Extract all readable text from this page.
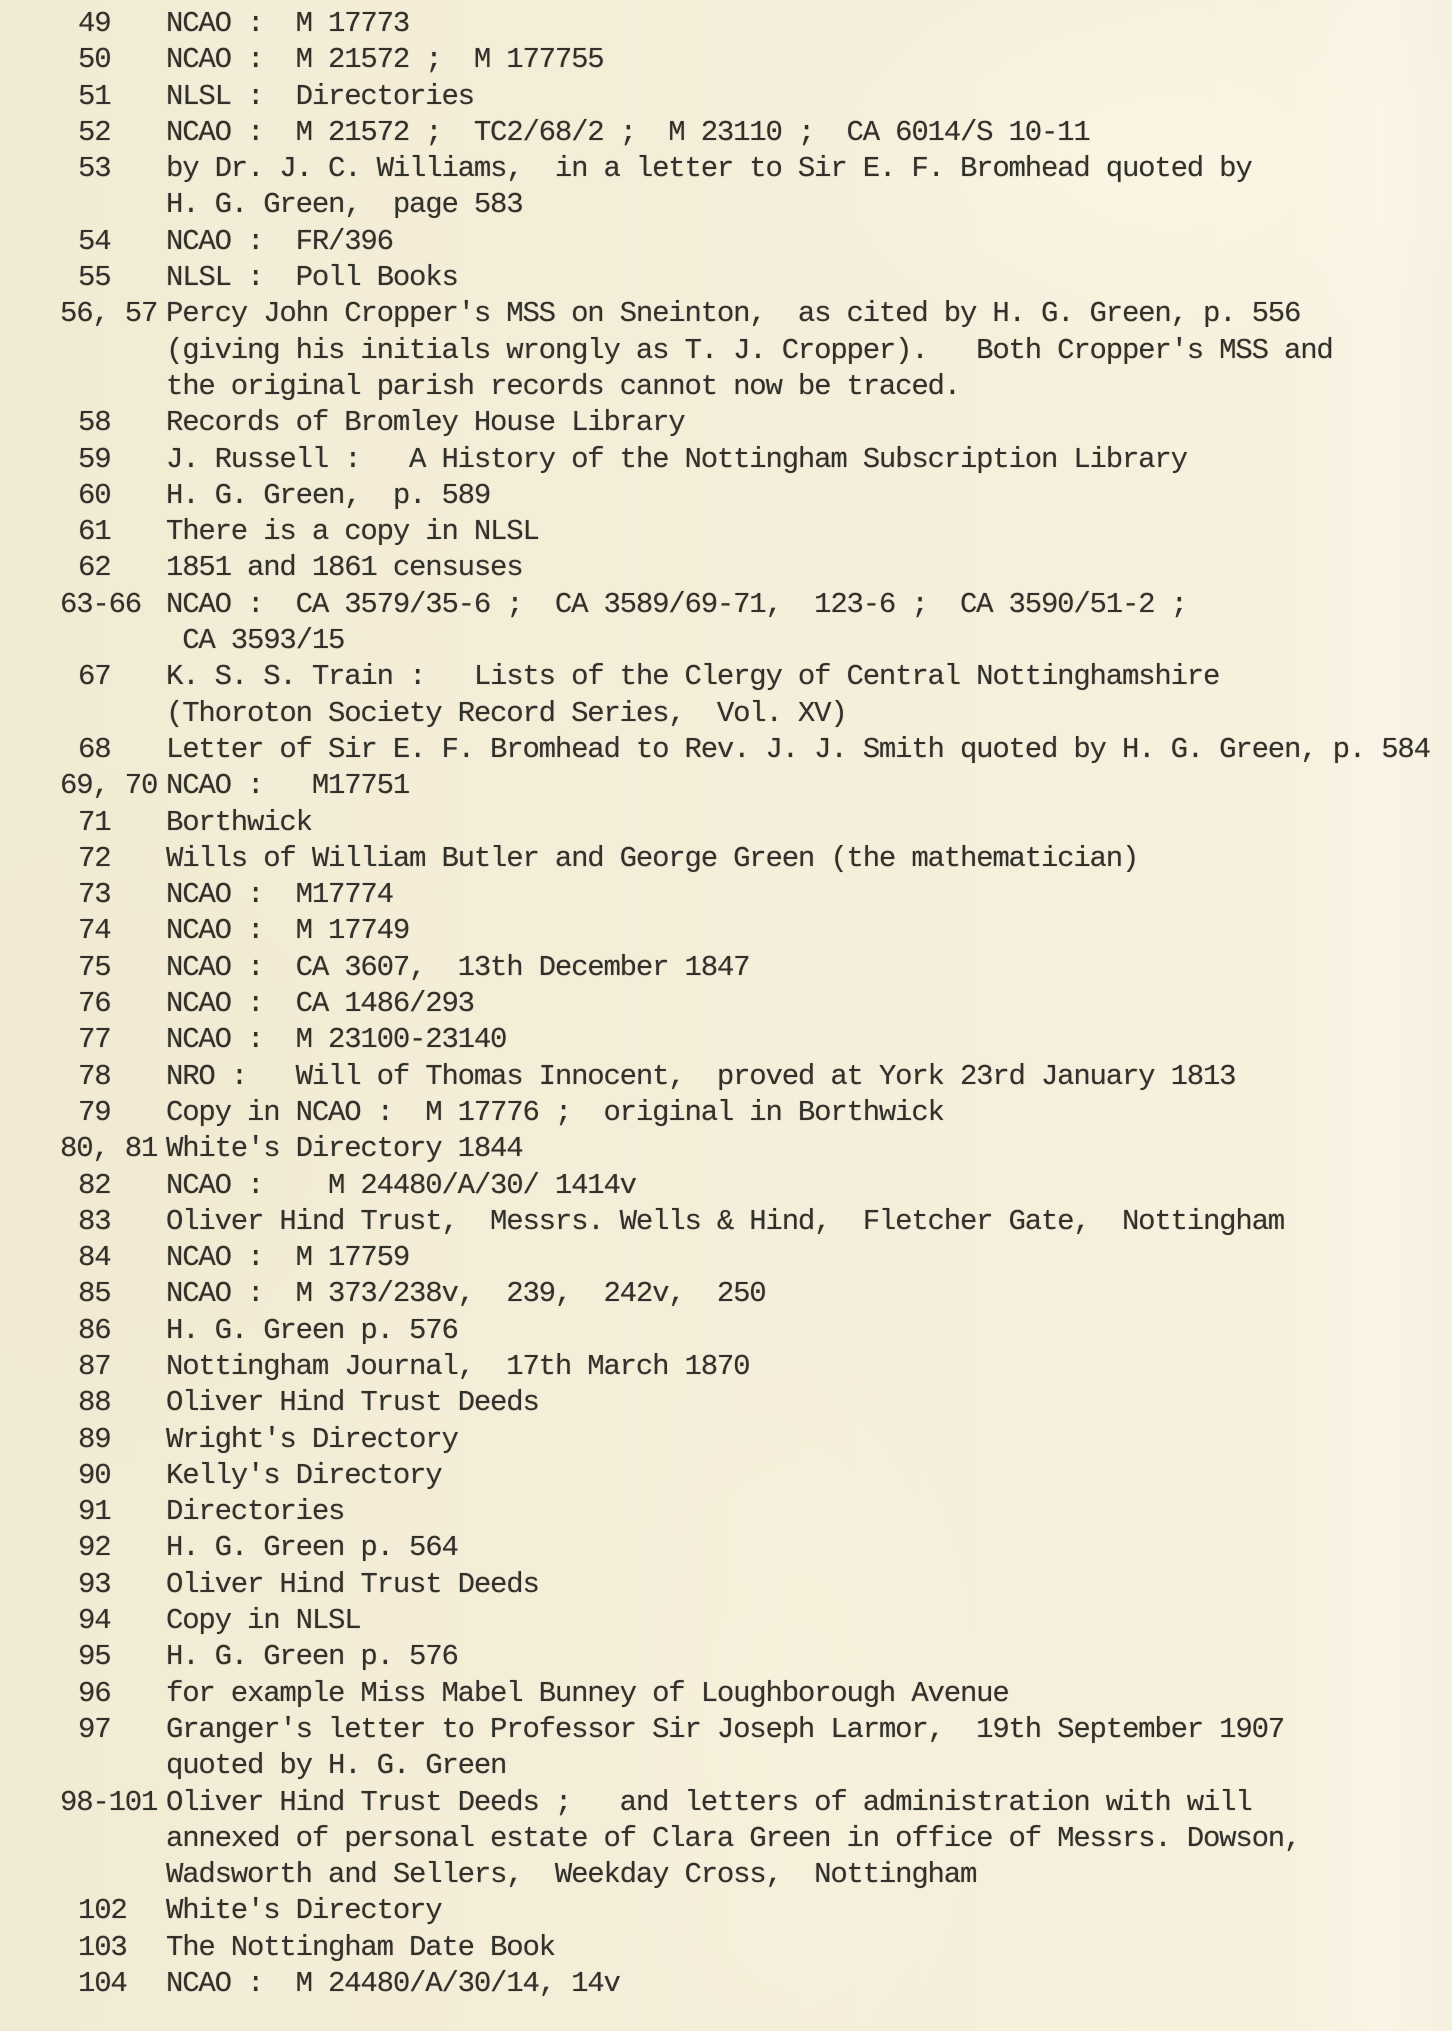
49	NCAO :  M 17773
50	NCAO :  M 21572 ;  M 177755
51	NLSL :  Directories
52	NCAO :  M 21572 ;  TC2/68/2 ;  M 23110 ;  CA 6014/S 10-11
53	by Dr. J. C. Williams,  in a letter to Sir E. F. Bromhead quoted by
H. G. Green,  page 583
54	NCAO :  FR/396
55	NLSL :  Poll Books
56, 57 Percy John Cropper's MSS on Sneinton,  as cited by H. G. Green, p. 556
(giving his initials wrongly as T. J. Cropper).   Both Cropper's MSS and
the original parish records cannot now be traced.
58	Records of Bromley House Library
59	J. Russell :   A History of the Nottingham Subscription Library
60	H. G. Green,  p. 589
61	There is a copy in NLSL
62	1851 and 1861 censuses
63-66 NCAO :  CA 3579/35-6 ;  CA 3589/69-71,  123-6 ;  CA 3590/51-2 ;
CA 3593/15
67	K. S. S. Train :   Lists of the Clergy of Central Nottinghamshire
(Thoroton Society Record Series,  Vol. XV)
68	Letter of Sir E. F. Bromhead to Rev. J. J. Smith quoted by H. G. Green, p. 584
69, 70 NCAO :   M17751
71	Borthwick
72	Wills of William Butler and George Green (the mathematician)
73	NCAO :  M17774
74	NCAO :  M 17749
75	NCAO :  CA 3607,  13th December 1847
76	NCAO :  CA 1486/293
77	NCAO :  M 23100-23140
78	NRO :   Will of Thomas Innocent,  proved at York 23rd January 1813
79	Copy in NCAO :  M 17776 ;  original in Borthwick
80, 81 White's Directory 1844
82	NCAO :    M 24480/A/30/ 1414v
83	Oliver Hind Trust,  Messrs. Wells & Hind,  Fletcher Gate,  Nottingham
84	NCAO :  M 17759
85	NCAO :  M 373/238v,  239,  242v,  250
86	H. G. Green p. 576
87	Nottingham Journal,  17th March 1870
88	Oliver Hind Trust Deeds
89	Wright's Directory
90	Kelly's Directory
91	Directories
92	H. G. Green p. 564
93	Oliver Hind Trust Deeds
94	Copy in NLSL
95	H. G. Green p. 576
96	for example Miss Mabel Bunney of Loughborough Avenue
97	Granger's letter to Professor Sir Joseph Larmor,  19th September 1907
quoted by H. G. Green
98-101 Oliver Hind Trust Deeds ;   and letters of administration with will
annexed of personal estate of Clara Green in office of Messrs. Dowson,
Wadsworth and Sellers,  Weekday Cross,  Nottingham
102	White's Directory
103	The Nottingham Date Book
104	NCAO :  M 24480/A/30/14, 14v
